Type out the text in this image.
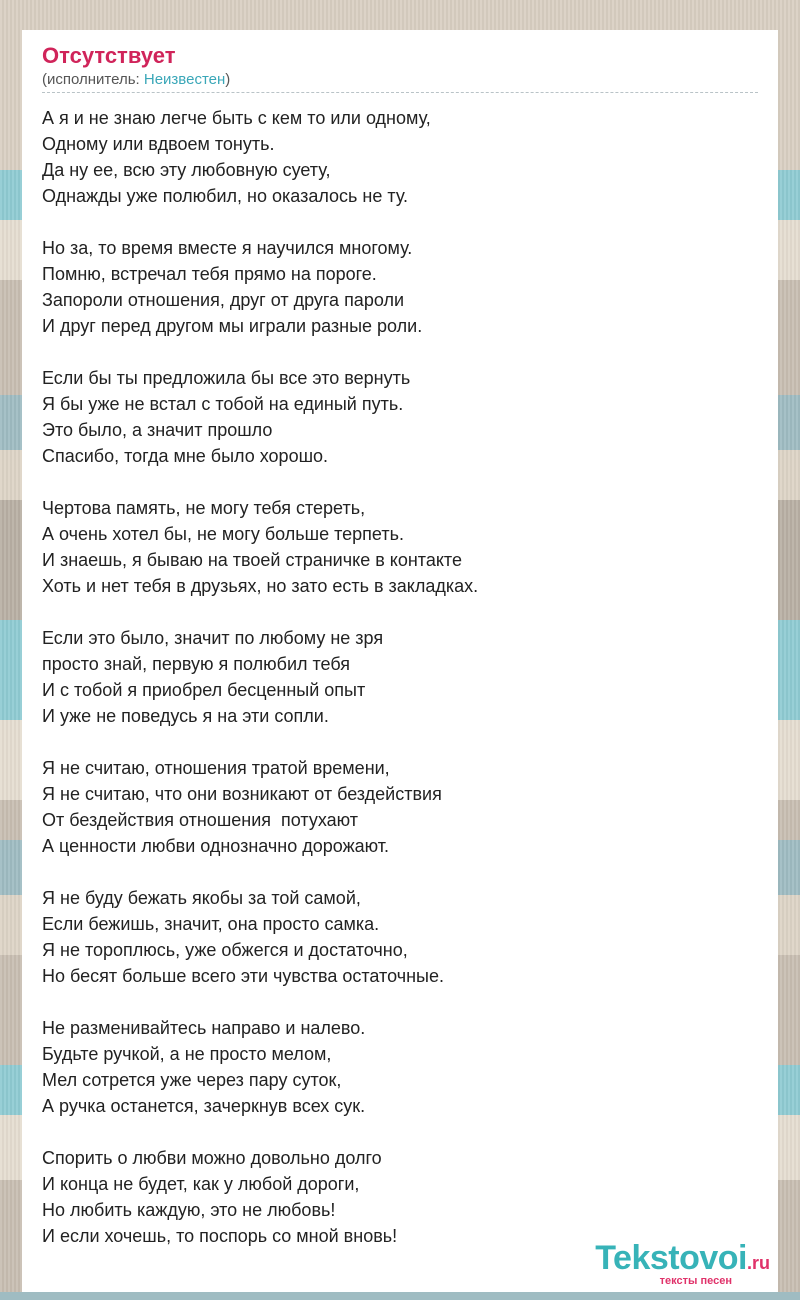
Отсутствует
(исполнитель: Неизвестен)
А я и не знаю легче быть с кем то или одному,
Одному или вдвоем тонуть.
Да ну ее, всю эту любовную суету,
Однажды уже полюбил, но оказалось не ту.
Но за, то время вместе я научился многому.
Помню, встречал тебя прямо на пороге.
Запороли отношения, друг от друга пароли
И друг перед другом мы играли разные роли.
Если бы ты предложила бы все это вернуть
Я бы уже не встал с тобой на единый путь.
Это было, а значит прошло
Спасибо, тогда мне было хорошо.
Чертова память, не могу тебя стереть,
А очень хотел бы, не могу больше терпеть.
И знаешь, я бываю на твоей страничке в контакте
Хоть и нет тебя в друзьях, но зато есть в закладках.
Если это было, значит по любому не зря
просто знай, первую я полюбил тебя
И с тобой я приобрел бесценный опыт
И уже не поведусь я на эти сопли.
Я не считаю, отношения тратой времени,
Я не считаю, что они возникают от бездействия
От бездействия отношения  потухают
А ценности любви однозначно дорожают.
Я не буду бежать якобы за той самой,
Если бежишь, значит, она просто самка.
Я не тороплюсь, уже обжегся и достаточно,
Но бесят больше всего эти чувства остаточные.
Не разменивайтесь направо и налево.
Будьте ручкой, а не просто мелом,
Мел сотрется уже через пару суток,
А ручка останется, зачеркнув всех сук.
Спорить о любви можно довольно долго
И конца не будет, как у любой дороги,
Но любить каждую, это не любовь!
И если хочешь, то поспорь со мной вновь!
Tekstovoi.ru
тексты песен
